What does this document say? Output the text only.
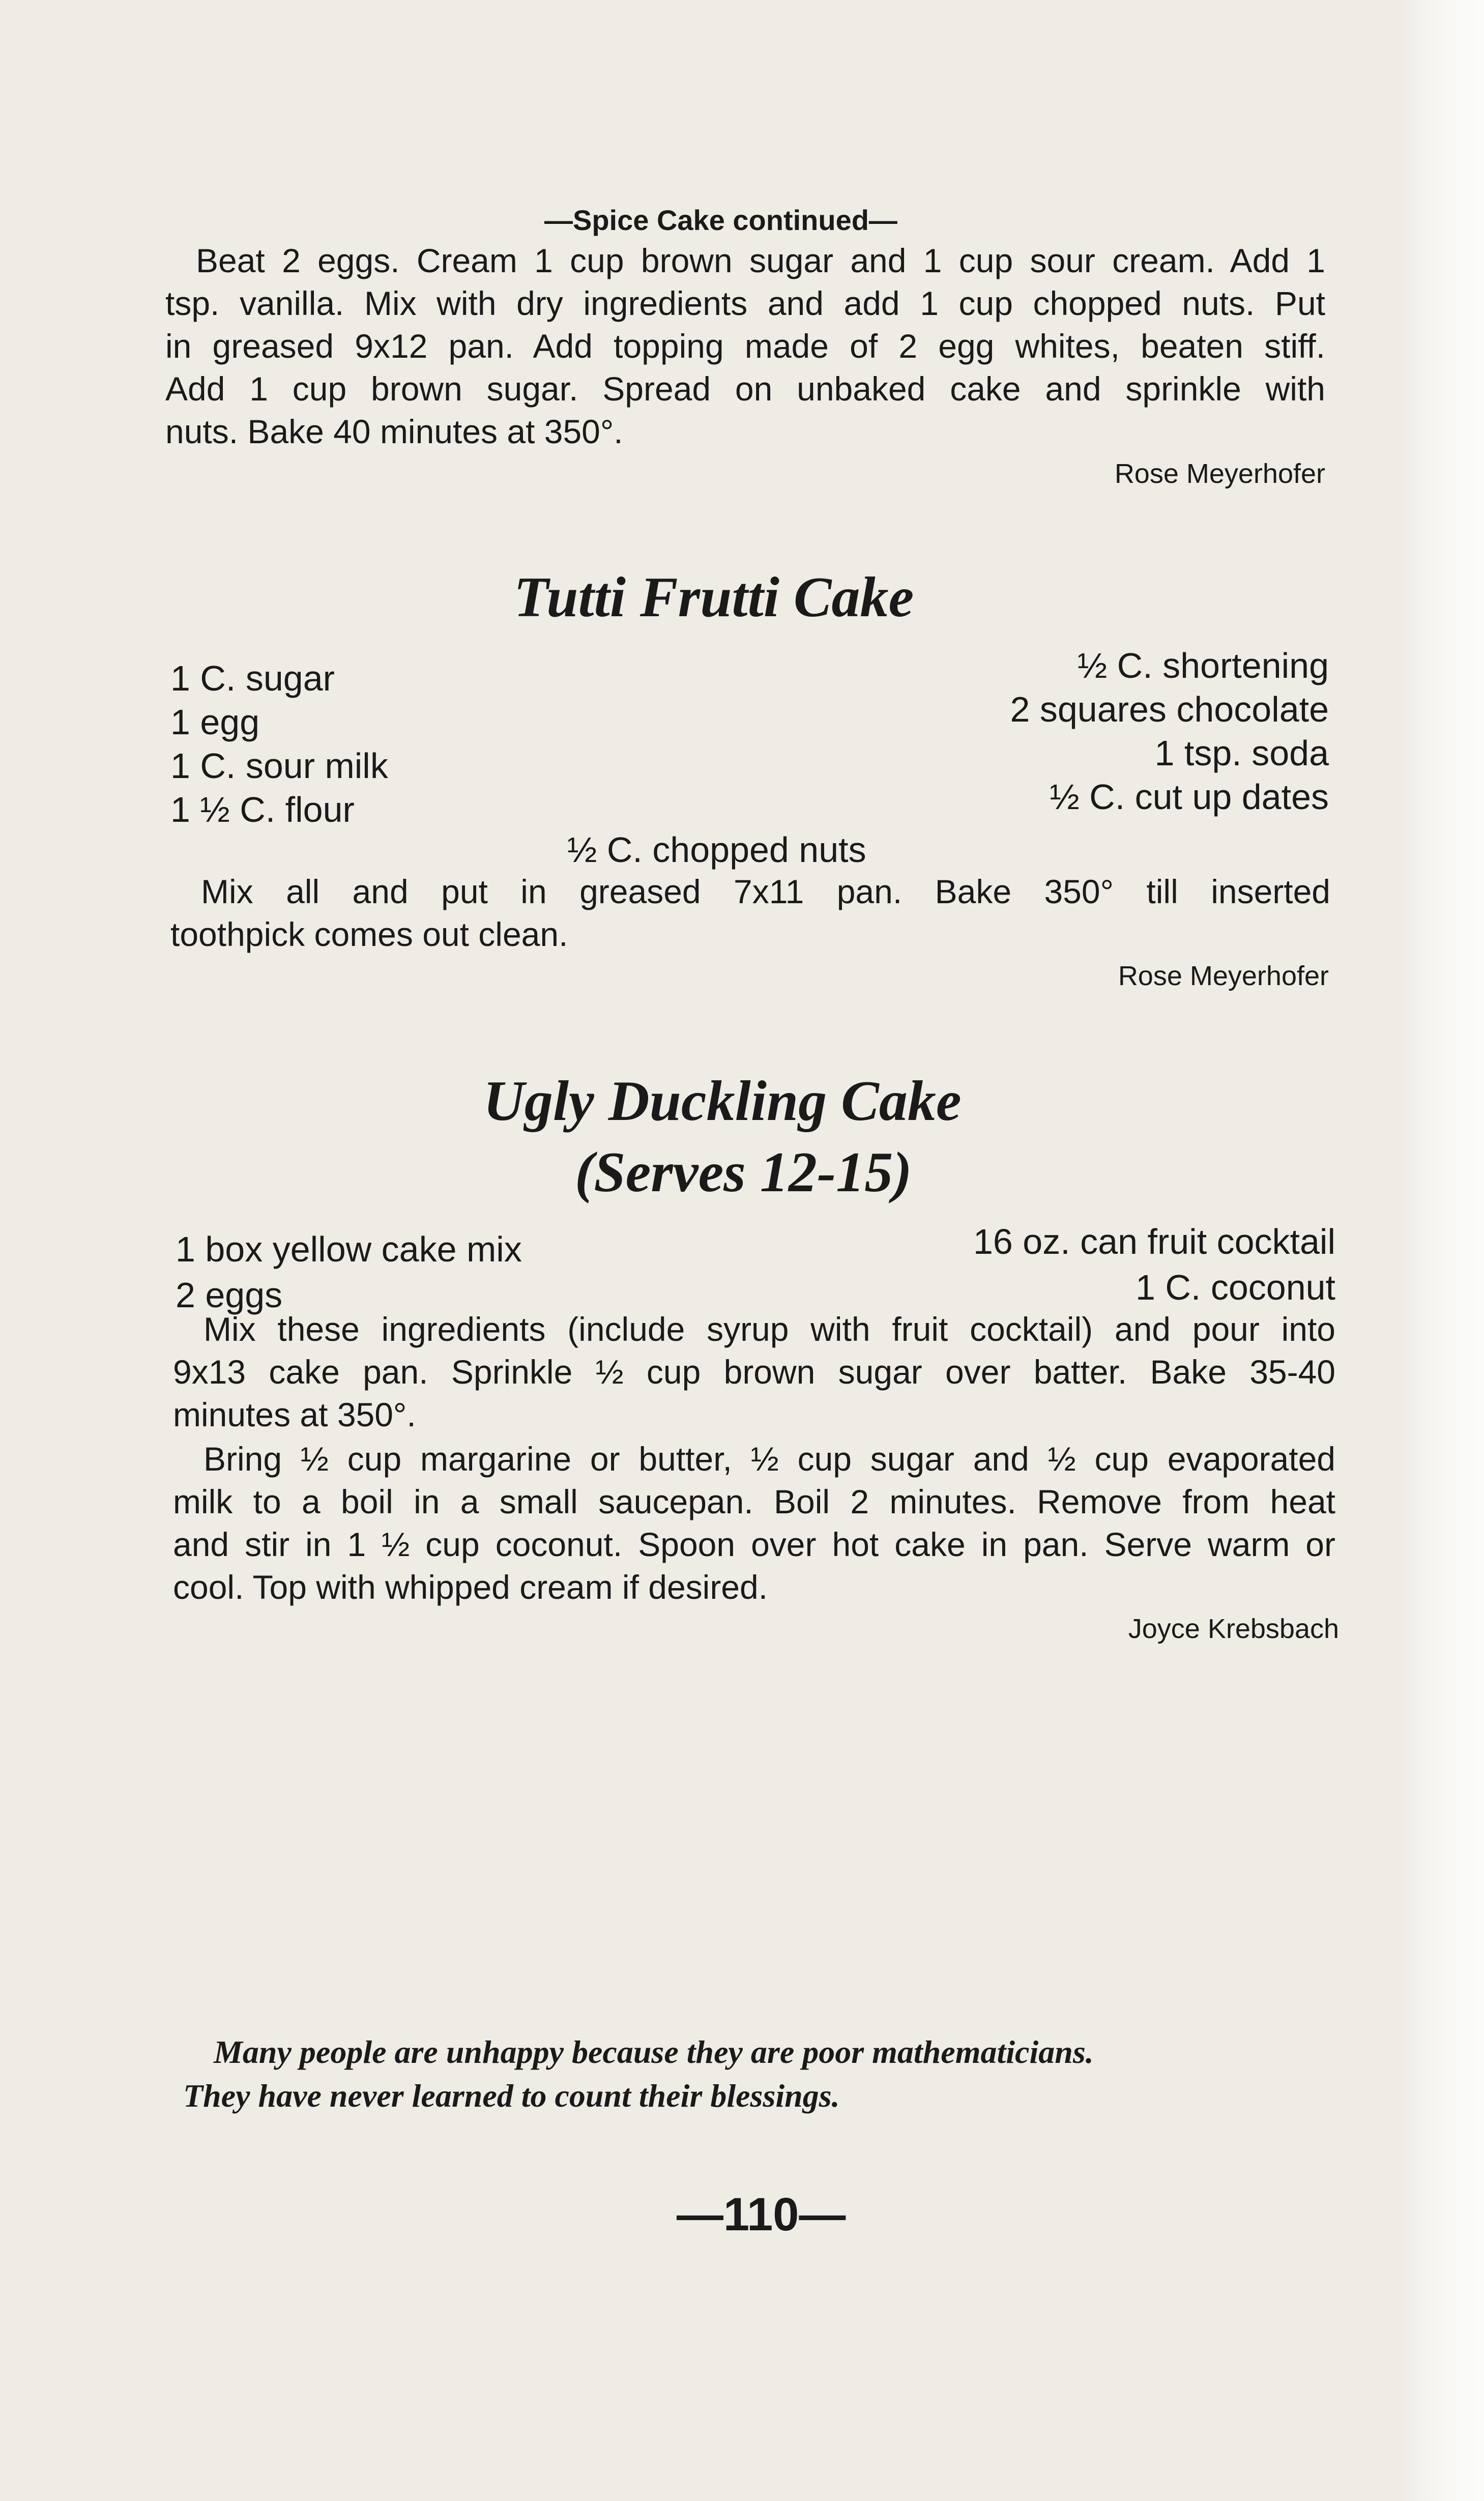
—Spice Cake continued—
Beat 2 eggs. Cream 1 cup brown sugar and 1 cup sour cream. Add 1
tsp. vanilla. Mix with dry ingredients and add 1 cup chopped nuts. Put
in greased 9x12 pan. Add topping made of 2 egg whites, beaten stiff.
Add 1 cup brown sugar. Spread on unbaked cake and sprinkle with
nuts. Bake 40 minutes at 350°.
Rose Meyerhofer
Tutti Frutti Cake
1 C. sugar
1 egg
1 C. sour milk
1 ½ C. flour
½ C. shortening
2 squares chocolate
1 tsp. soda
½ C. cut up dates
½ C. chopped nuts
Mix all and put in greased 7x11 pan. Bake 350° till inserted
toothpick comes out clean.
Rose Meyerhofer
Ugly Duckling Cake
(Serves 12-15)
1 box yellow cake mix
2 eggs
16 oz. can fruit cocktail
1 C. coconut
Mix these ingredients (include syrup with fruit cocktail) and pour into
9x13 cake pan. Sprinkle ½ cup brown sugar over batter. Bake 35-40
minutes at 350°.
Bring ½ cup margarine or butter, ½ cup sugar and ½ cup evaporated
milk to a boil in a small saucepan. Boil 2 minutes. Remove from heat
and stir in 1 ½ cup coconut. Spoon over hot cake in pan. Serve warm or
cool. Top with whipped cream if desired.
Joyce Krebsbach
Many people are unhappy because they are poor mathematicians.
They have never learned to count their blessings.
—110—
